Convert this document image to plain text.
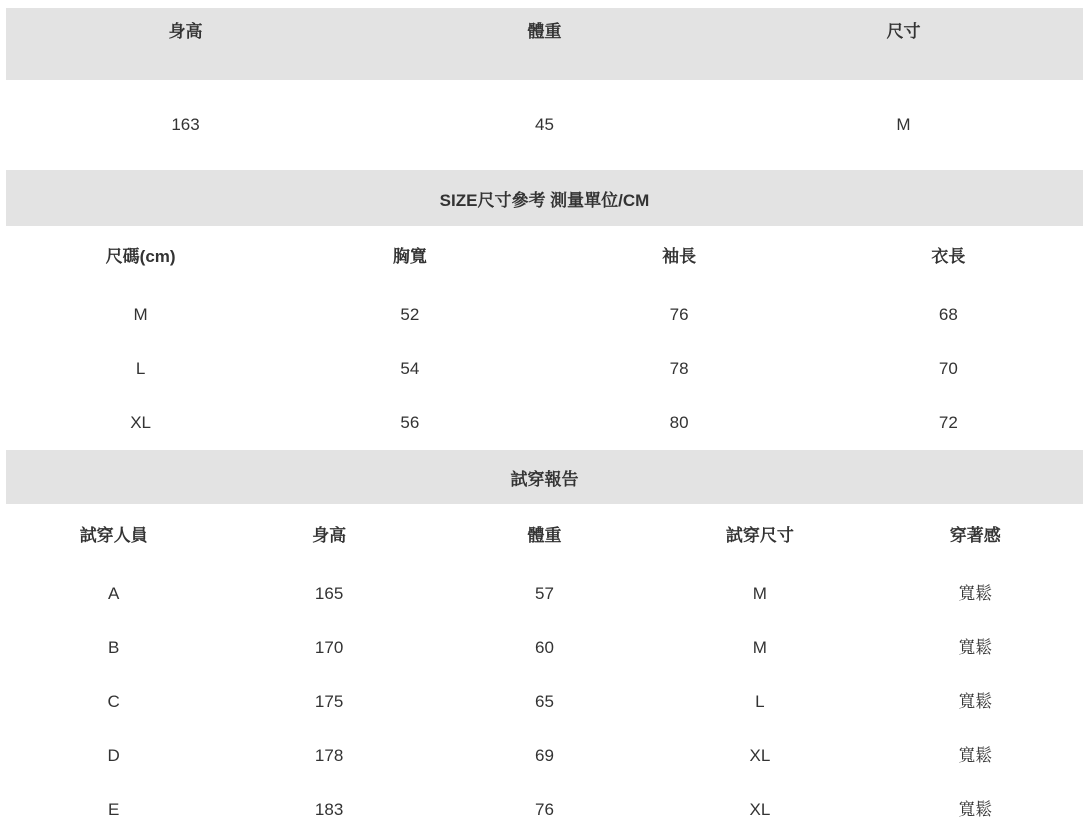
身高	體重	尺寸
163	45	M
SIZE尺寸參考 測量單位/CM
尺碼(cm)	胸寬	袖長	衣長
M	52	76	68
L	54	78	70
XL	56	80	72
試穿報告
試穿人員	身高	體重	試穿尺寸	穿著感
A	165	57	M	寬鬆
B	170	60	M	寬鬆
C	175	65	L	寬鬆
D	178	69	XL	寬鬆
E	183	76	XL	寬鬆
